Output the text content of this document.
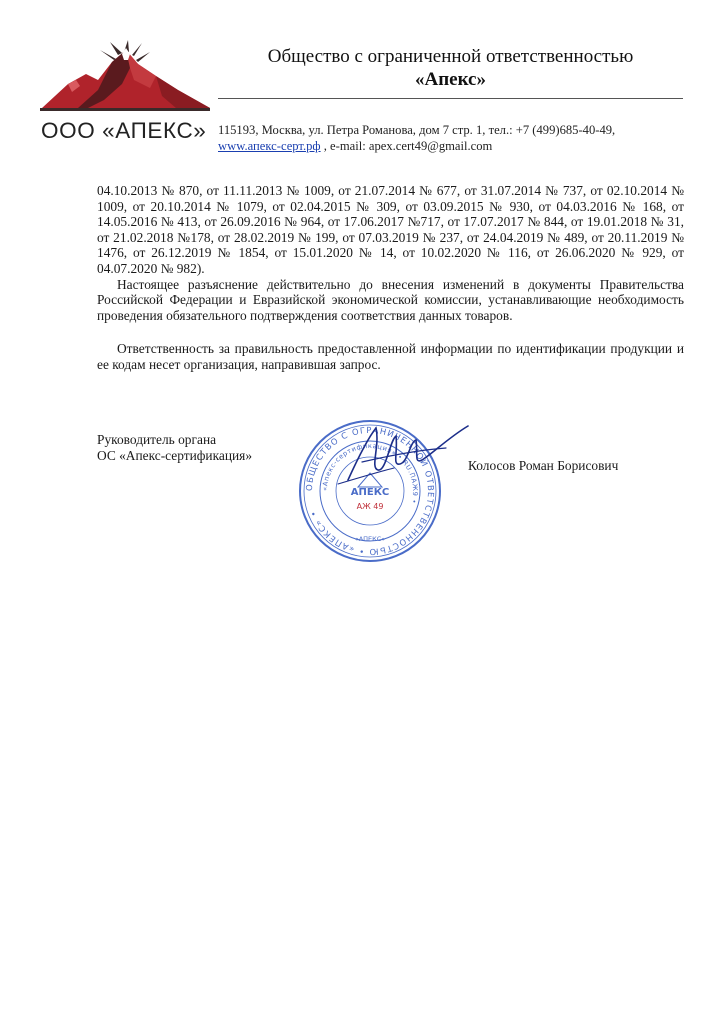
ООО «АПЕКС»
Общество с ограниченной ответственностью
«Апекс»
115193, Москва, ул. Петра Романова, дом 7 стр. 1, тел.: +7 (499)685-40-49,
www.апекс-серт.рф , e-mail: apex.cert49@gmail.com

04.10.2013 № 870, от 11.11.2013 № 1009, от 21.07.2014 № 677, от 31.07.2014 № 737, от 02.10.2014 № 1009, от 20.10.2014 № 1079, от 02.04.2015 № 309, от 03.09.2015 № 930, от 04.03.2016 № 168, от 14.05.2016 № 413, от 26.09.2016 № 964, от 17.06.2017 №717, от 17.07.2017 № 844, от 19.01.2018 № 31, от 21.02.2018 №178, от 28.02.2019 № 199, от 07.03.2019 № 237, от 24.04.2019 № 489, от 20.11.2019 № 1476, от 26.12.2019 № 1854, от 15.01.2020 № 14, от 10.02.2020 № 116, от 26.06.2020 № 929, от 04.07.2020 № 982).

Настоящее разъяснение действительно до внесения изменений в документы Правительства Российской Федерации и Евразийской экономической комиссии, устанавливающие необходимость проведения обязательного подтверждения соответствия данных товаров.

Ответственность за правильность предоставленной информации по идентификации продукции и ее кодам несет организация, направившая запрос.

Руководитель органа
ОС «Апекс-сертификация»
ОБЩЕСТВО С ОГРАНИЧЕННОЙ ОТВЕТСТВЕННОСТЬЮ • «АПЕКС» •
«Апекс-сертификация» • RU.ПАЖ9 •
АПЕКС
АЖ 49
«АПЕКС»
Колосов Роман Борисович
